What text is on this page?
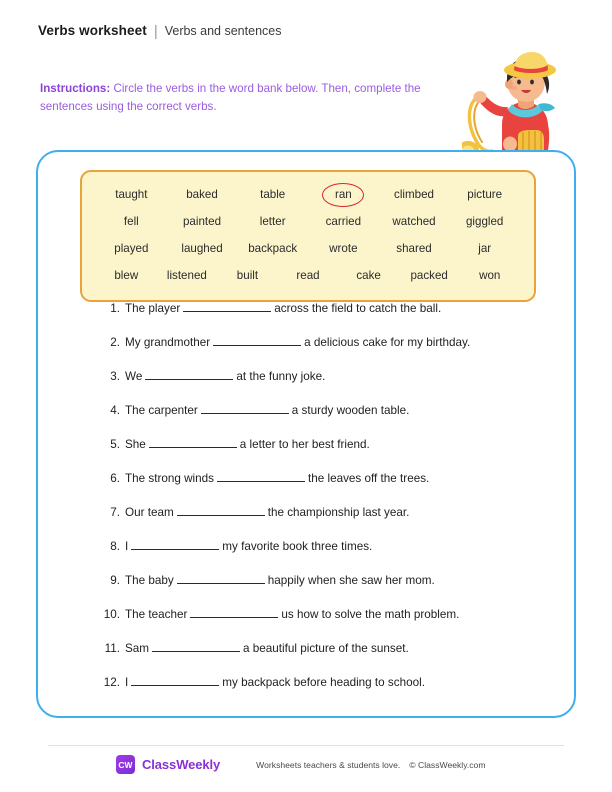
Verbs worksheet | Verbs and sentences
Instructions: Circle the verbs in the word bank below. Then, complete the sentences using the correct verbs.
taught	baked	table	ran	climbed	picture
fell	painted	letter	carried	watched	giggled
played	laughed	backpack	wrote	shared	jar
blew	listened	built	read	cake	packed	won
1. The player	across the field to catch the ball.
2. My grandmother	a delicious cake for my birthday.
3. We	at the funny joke.
4. The carpenter	a sturdy wooden table.
5. She	a letter to her best friend.
6. The strong winds	the leaves off the trees.
7. Our team	the championship last year.
8. I	my favorite book three times.
9. The baby	happily when she saw her mom.
10. The teacher	us how to solve the math problem.
11. Sam	a beautiful picture of the sunset.
12. I	my backpack before heading to school.
CW ClassWeekly	Worksheets teachers & students love. © ClassWeekly.com
